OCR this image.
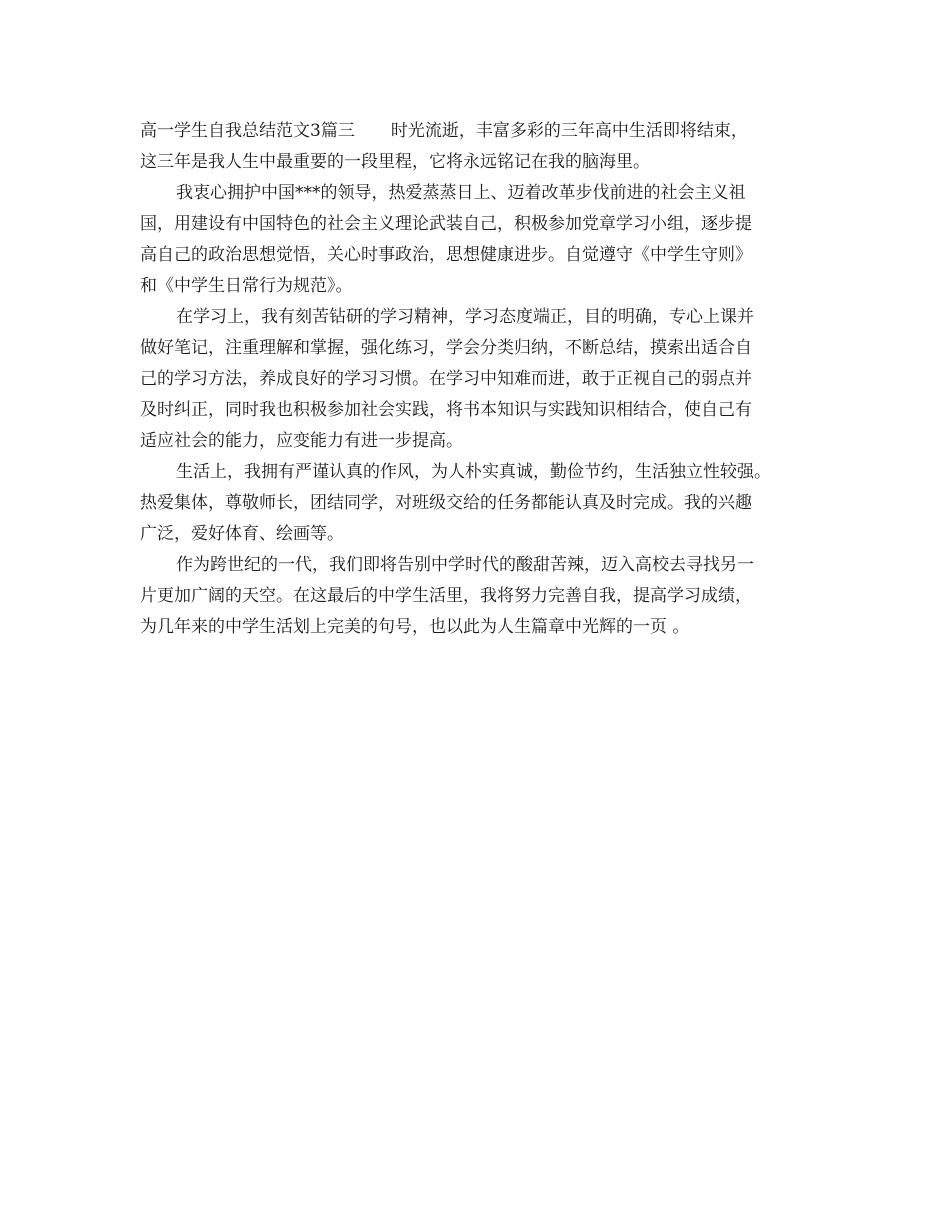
高一学生自我总结范文3篇三 时光流逝，丰富多彩的三年高中生活即将结束，
这三年是我人生中最重要的一段里程，它将永远铭记在我的脑海里。
我衷心拥护中国***的领导，热爱蒸蒸日上、迈着改革步伐前进的社会主义祖
国，用建设有中国特色的社会主义理论武装自己，积极参加党章学习小组，逐步提
高自己的政治思想觉悟，关心时事政治，思想健康进步。自觉遵守《中学生守则》
和《中学生日常行为规范》。
在学习上，我有刻苦钻研的学习精神，学习态度端正，目的明确，专心上课并
做好笔记，注重理解和掌握，强化练习，学会分类归纳，不断总结，摸索出适合自
己的学习方法，养成良好的学习习惯。在学习中知难而进，敢于正视自己的弱点并
及时纠正，同时我也积极参加社会实践，将书本知识与实践知识相结合，使自己有
适应社会的能力，应变能力有进一步提高。
生活上，我拥有严谨认真的作风，为人朴实真诚，勤俭节约，生活独立性较强。
热爱集体，尊敬师长，团结同学，对班级交给的任务都能认真及时完成。我的兴趣
广泛，爱好体育、绘画等。
作为跨世纪的一代，我们即将告别中学时代的酸甜苦辣，迈入高校去寻找另一
片更加广阔的天空。在这最后的中学生活里，我将努力完善自我，提高学习成绩，
为几年来的中学生活划上完美的句号，也以此为人生篇章中光辉的一页 。
